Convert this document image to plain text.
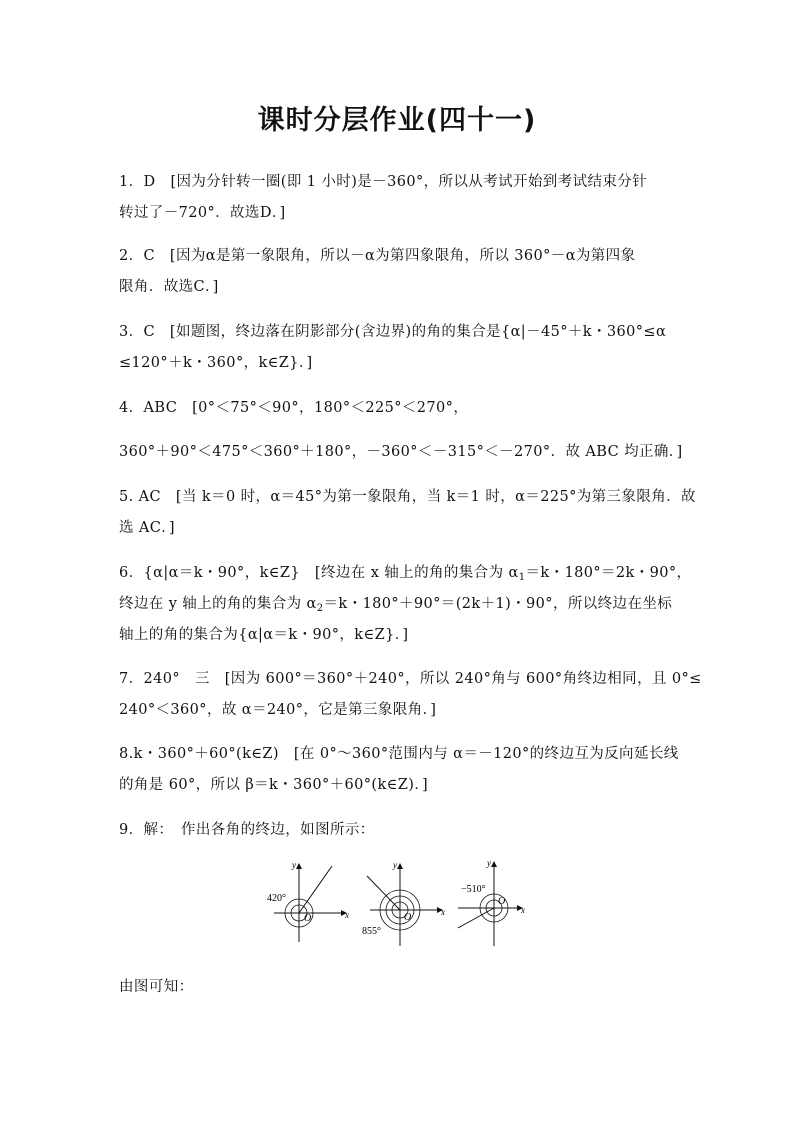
课时分层作业(四十一)
1．D　[因为分针转一圈(即 1 小时)是－360°，所以从考试开始到考试结束分针
转过了－720°．故选D．]
2．C　[因为α是第一象限角，所以－α为第四象限角，所以 360°－α为第四象
限角．故选C．]
3．C　[如题图，终边落在阴影部分(含边界)的角的集合是{α|－45°＋k・360°≤α
≤120°＋k・360°，k∈Z}．]
4．ABC　[0°＜75°＜90°，180°＜225°＜270°，
360°＋90°＜475°＜360°＋180°，－360°＜－315°＜－270°．故 ABC 均正确．]
5. AC　[当 k＝0 时，α＝45°为第一象限角，当 k＝1 时，α＝225°为第三象限角．故
选 AC．]
6．{α|α＝k・90°，k∈Z}　[终边在 x 轴上的角的集合为 $\alpha_1=k$・180°＝2k・90°，
终边在 y 轴上的角的集合为 $\alpha_2=k$・180°＋90°＝(2k＋1)・90°，所以终边在坐标
轴上的角的集合为{α|α＝k・90°，k∈Z}．]
7．240°　三　[因为 600°＝360°＋240°，所以 240°角与 600°角终边相同，且 0°≤
240°＜360°，故 α＝240°，它是第三象限角．]
8.k・360°＋60°(k∈Z)　[在 0°～360°范围内与 α＝－120°的终边互为反向延长线
的角是 60°，所以 β＝k・360°＋60°(k∈Z)．]
9．解：　作出各角的终边，如图所示：
420°
x
y
O
855°
x
y
O
−510°
x
y
O
由图可知：
